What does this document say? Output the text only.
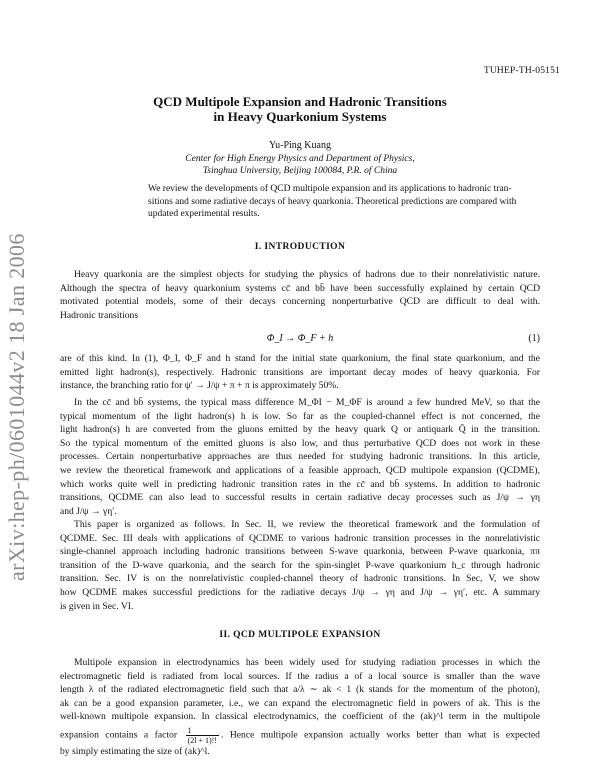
TUHEP-TH-05151
arXiv:hep-ph/0601044v2 18 Jan 2006
QCD Multipole Expansion and Hadronic Transitions
in Heavy Quarkonium Systems
Yu-Ping Kuang
Center for High Energy Physics and Department of Physics,
Tsinghua University, Beijing 100084, P.R. of China
We review the developments of QCD multipole expansion and its applications to hadronic tran-
sitions and some radiative decays of heavy quarkonia. Theoretical predictions are compared with
updated experimental results.
I. INTRODUCTION
Heavy quarkonia are the simplest objects for studying the physics of hadrons due to their nonrelativistic nature.
Although the spectra of heavy quarkonium systems cc̄ and bb̄ have been successfully explained by certain QCD
motivated potential models, some of their decays concerning nonperturbative QCD are difficult to deal with.
Hadronic transitions
Φ_I → Φ_F + h	(1)
are of this kind. In (1), Φ_I, Φ_F and h stand for the initial state quarkonium, the final state quarkonium, and the
emitted light hadron(s), respectively. Hadronic transitions are important decay modes of heavy quarkonia. For
instance, the branching ratio for ψ′ → J/ψ + π + π is approximately 50%.
In the cc̄ and bb̄ systems, the typical mass difference M_ΦI − M_ΦF is around a few hundred MeV, so that the
typical momentum of the light hadron(s) h is low. So far as the coupled-channel effect is not concerned, the
light hadron(s) h are converted from the gluons emitted by the heavy quark Q or antiquark Q̄ in the transition.
So the typical momentum of the emitted gluons is also low, and thus perturbative QCD does not work in these
processes. Certain nonperturbative approaches are thus needed for studying hadronic transitions. In this article,
we review the theoretical framework and applications of a feasible approach, QCD multipole expansion (QCDME),
which works quite well in predicting hadronic transition rates in the cc̄ and bb̄ systems. In addition to hadronic
transitions, QCDME can also lead to successful results in certain radiative decay processes such as J/ψ → γη
and J/ψ → γη′.
This paper is organized as follows. In Sec. II, we review the theoretical framework and the formulation of
QCDME. Sec. III deals with applications of QCDME to various hadronic transition processes in the nonrelativistic
single-channel approach including hadronic transitions between S-wave quarkonia, between P-wave quarkonia, ππ
transition of the D-wave quarkonia, and the search for the spin-singlet P-wave quarkonium h_c through hadronic
transition. Sec. IV is on the nonrelativistic coupled-channel theory of hadronic transitions. In Sec, V, we show
how QCDME makes successful predictions for the radiative decays J/ψ → γη and J/ψ → γη′, etc. A summary
is given in Sec. VI.
II. QCD MULTIPOLE EXPANSION
Multipole expansion in electrodynamics has been widely used for studying radiation processes in which the
electromagnetic field is radiated from local sources. If the radius a of a local source is smaller than the wave
length λ of the radiated electromagnetic field such that a/λ ∼ ak < 1 (k stands for the momentum of the photon),
ak can be a good expansion parameter, i.e., we can expand the electromagnetic field in powers of ak. This is the
well-known multipole expansion. In classical electrodynamics, the coefficient of the (ak)^l term in the multipole
expansion contains a factor $\frac{1}{(2l + 1)!!}$ . Hence multipole expansion actually works better than what is expected
by simply estimating the size of (ak)^l.
